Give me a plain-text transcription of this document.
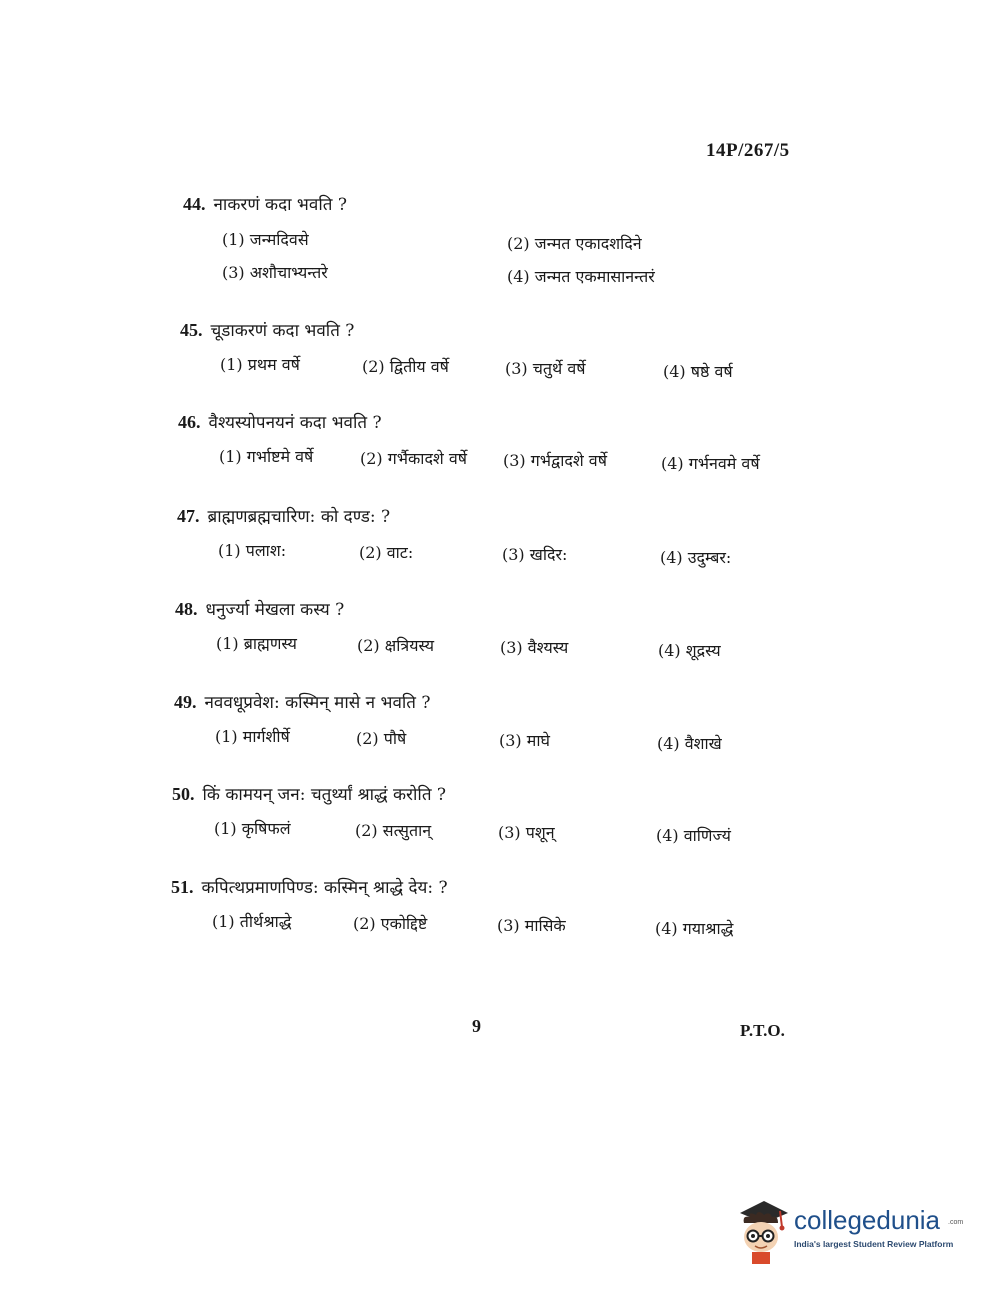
14P/267/5
44. नाकरणं कदा भवति ?
(1) जन्मदिवसे	(2) जन्मत एकादशदिने
(3) अशौचाभ्यन्तरे	(4) जन्मत एकमासानन्तरं
45. चूडाकरणं कदा भवति ?
(1) प्रथम वर्षे	(2) द्वितीय वर्षे	(3) चतुर्थे वर्षे	(4) षष्ठे वर्ष
46. वैश्यस्योपनयनं कदा भवति ?
(1) गर्भाष्टमे वर्षे	(2) गर्भैकादशे वर्षे (3) गर्भद्वादशे वर्षे	(4) गर्भनवमे वर्षे
47. ब्राह्मणब्रह्मचारिण: को दण्ड: ?
(1) पलाश:	(2) वाट:	(3) खदिर:	(4) उदुम्बर:
48. धनुर्ज्या मेखला कस्य ?
(1) ब्राह्मणस्य	(2) क्षत्रियस्य	(3) वैश्यस्य	(4) शूद्रस्य
49. नववधूप्रवेश: कस्मिन् मासे न भवति ?
(1) मार्गशीर्षे	(2) पौषे	(3) माघे	(4) वैशाखे
50. किं कामयन् जन: चतुर्थ्यां श्राद्धं करोति ?
(1) कृषिफलं	(2) सत्सुतान्	(3) पशून्	(4) वाणिज्यं
51. कपित्थप्रमाणपिण्ड: कस्मिन् श्राद्धे देय: ?
(1) तीर्थश्राद्धे	(2) एकोद्दिष्टे	(3) मासिके	(4) गयाश्राद्धे
9	P.T.O.
collegedunia .com
India's largest Student Review Platform
